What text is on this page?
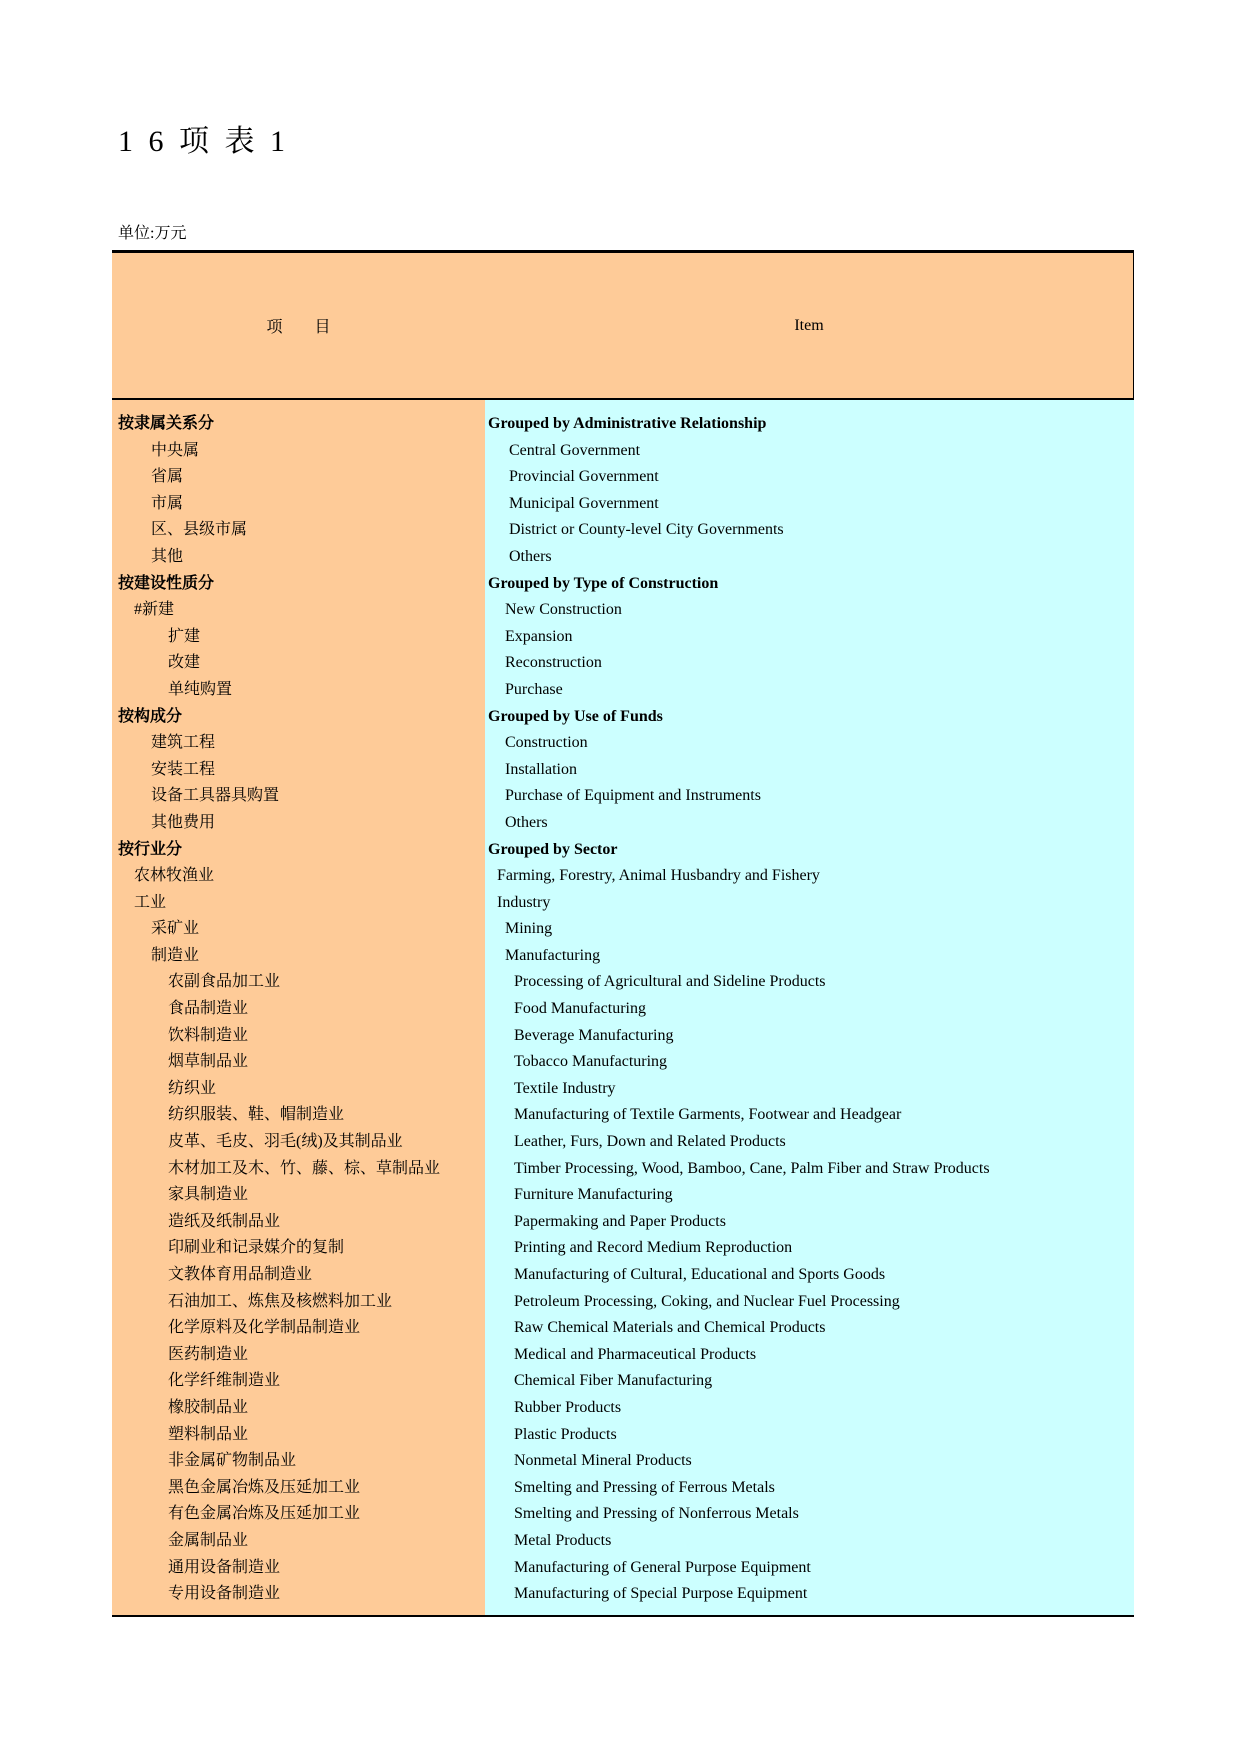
1 6 项 表 1
单位:万元
项　　目	Item
按隶属关系分
中央属
省属
市属
区、县级市属
其他
按建设性质分
#新建
扩建
改建
单纯购置
按构成分
建筑工程
安装工程
设备工具器具购置
其他费用
按行业分
农林牧渔业
工业
采矿业
制造业
农副食品加工业
食品制造业
饮料制造业
烟草制品业
纺织业
纺织服装、鞋、帽制造业
皮革、毛皮、羽毛(绒)及其制品业
木材加工及木、竹、藤、棕、草制品业
家具制造业
造纸及纸制品业
印刷业和记录媒介的复制
文教体育用品制造业
石油加工、炼焦及核燃料加工业
化学原料及化学制品制造业
医药制造业
化学纤维制造业
橡胶制品业
塑料制品业
非金属矿物制品业
黑色金属冶炼及压延加工业
有色金属冶炼及压延加工业
金属制品业
通用设备制造业
专用设备制造业
Grouped by Administrative Relationship
Central Government
Provincial Government
Municipal Government
District or County-level City Governments
Others
Grouped by Type of Construction
New Construction
Expansion
Reconstruction
Purchase
Grouped by Use of Funds
Construction
Installation
Purchase of Equipment and Instruments
Others
Grouped by Sector
Farming, Forestry, Animal Husbandry and Fishery
Industry
Mining
Manufacturing
Processing of Agricultural and Sideline Products
Food Manufacturing
Beverage Manufacturing
Tobacco Manufacturing
Textile Industry
Manufacturing of Textile Garments, Footwear and Headgear
Leather, Furs, Down and Related Products
Timber Processing, Wood, Bamboo, Cane, Palm Fiber and Straw Products
Furniture Manufacturing
Papermaking and Paper Products
Printing and Record Medium Reproduction
Manufacturing of Cultural, Educational and Sports Goods
Petroleum Processing, Coking, and Nuclear Fuel Processing
Raw Chemical Materials and Chemical Products
Medical and Pharmaceutical Products
Chemical Fiber Manufacturing
Rubber Products
Plastic Products
Nonmetal Mineral Products
Smelting and Pressing of Ferrous Metals
Smelting and Pressing of Nonferrous Metals
Metal Products
Manufacturing of General Purpose Equipment
Manufacturing of Special Purpose Equipment
